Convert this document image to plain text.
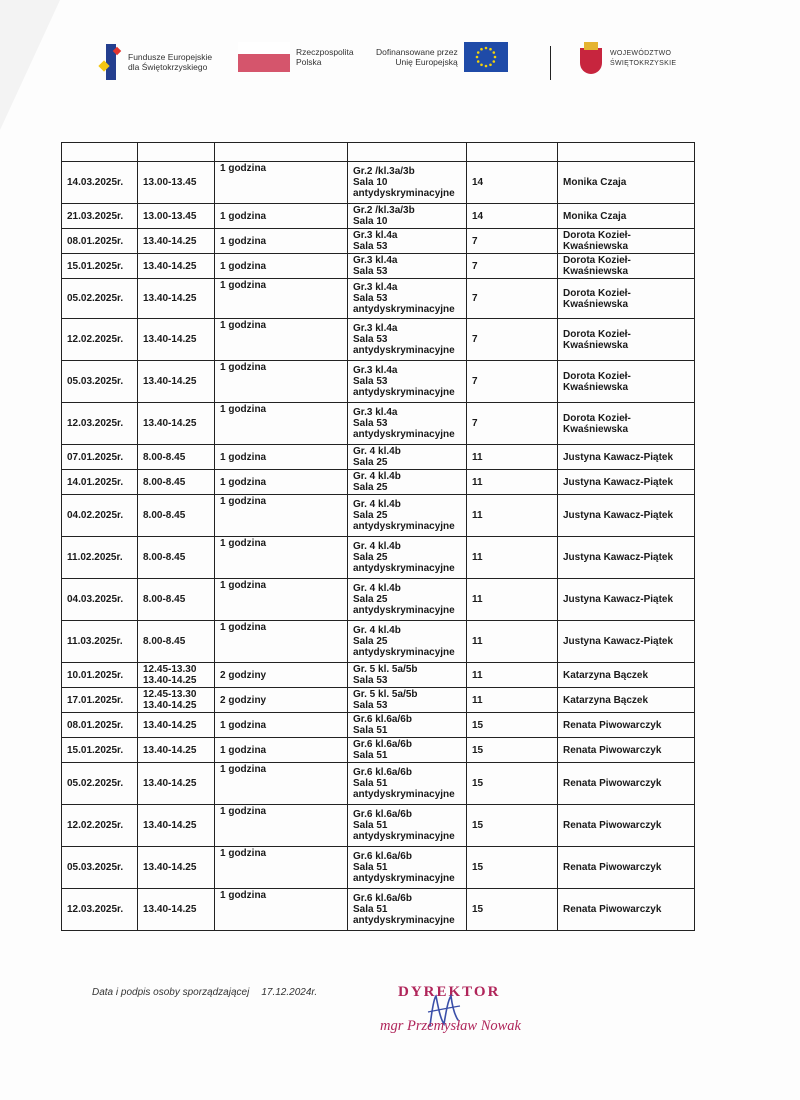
Fundusze Europejskie
dla Świętokrzyskiego
Rzeczpospolita
Polska
Dofinansowane przez
Unię Europejską
WOJEWÓDZTWO
ŚWIĘTOKRZYSKIE

14.03.2025r.	13.00-13.45	1 godzina	Gr.2 /kl.3a/3b
Sala 10
antydyskryminacyjne	14	Monika Czaja

21.03.2025r.	13.00-13.45	1 godzina	Gr.2 /kl.3a/3b
Sala 10	14	Monika Czaja

08.01.2025r.	13.40-14.25	1 godzina	Gr.3 kl.4a
Sala 53	7	Dorota Kozieł-Kwaśniewska

15.01.2025r.	13.40-14.25	1 godzina	Gr.3 kl.4a
Sala 53	7	Dorota Kozieł-Kwaśniewska

05.02.2025r.	13.40-14.25	1 godzina	Gr.3 kl.4a
Sala 53
antydyskryminacyjne	7	Dorota Kozieł-Kwaśniewska

12.02.2025r.	13.40-14.25	1 godzina	Gr.3 kl.4a
Sala 53
antydyskryminacyjne	7	Dorota Kozieł-Kwaśniewska

05.03.2025r.	13.40-14.25	1 godzina	Gr.3 kl.4a
Sala 53
antydyskryminacyjne	7	Dorota Kozieł-Kwaśniewska

12.03.2025r.	13.40-14.25	1 godzina	Gr.3 kl.4a
Sala 53
antydyskryminacyjne	7	Dorota Kozieł-Kwaśniewska

07.01.2025r.	8.00-8.45	1 godzina	Gr. 4 kl.4b
Sala 25	11	Justyna Kawacz-Piątek

14.01.2025r.	8.00-8.45	1 godzina	Gr. 4 kl.4b
Sala 25	11	Justyna Kawacz-Piątek

04.02.2025r.	8.00-8.45	1 godzina	Gr. 4 kl.4b
Sala 25
antydyskryminacyjne	11	Justyna Kawacz-Piątek

11.02.2025r.	8.00-8.45	1 godzina	Gr. 4 kl.4b
Sala 25
antydyskryminacyjne	11	Justyna Kawacz-Piątek

04.03.2025r.	8.00-8.45	1 godzina	Gr. 4 kl.4b
Sala 25
antydyskryminacyjne	11	Justyna Kawacz-Piątek

11.03.2025r.	8.00-8.45	1 godzina	Gr. 4 kl.4b
Sala 25
antydyskryminacyjne	11	Justyna Kawacz-Piątek

10.01.2025r.	12.45-13.30
13.40-14.25	2 godziny	Gr. 5 kl. 5a/5b
Sala 53	11	Katarzyna Bączek

17.01.2025r.	12.45-13.30
13.40-14.25	2 godziny	Gr. 5 kl. 5a/5b
Sala 53	11	Katarzyna Bączek

08.01.2025r.	13.40-14.25	1 godzina	Gr.6 kl.6a/6b
Sala 51	15	Renata Piwowarczyk

15.01.2025r.	13.40-14.25	1 godzina	Gr.6 kl.6a/6b
Sala 51	15	Renata Piwowarczyk

05.02.2025r.	13.40-14.25	1 godzina	Gr.6 kl.6a/6b
Sala 51
antydyskryminacyjne	15	Renata Piwowarczyk

12.02.2025r.	13.40-14.25	1 godzina	Gr.6 kl.6a/6b
Sala 51
antydyskryminacyjne	15	Renata Piwowarczyk

05.03.2025r.	13.40-14.25	1 godzina	Gr.6 kl.6a/6b
Sala 51
antydyskryminacyjne	15	Renata Piwowarczyk

12.03.2025r.	13.40-14.25	1 godzina	Gr.6 kl.6a/6b
Sala 51
antydyskryminacyjne	15	Renata Piwowarczyk
Data i podpis osoby sporządzającej 17.12.2024r.	DYREKTOR
mgr Przemysław Nowak
